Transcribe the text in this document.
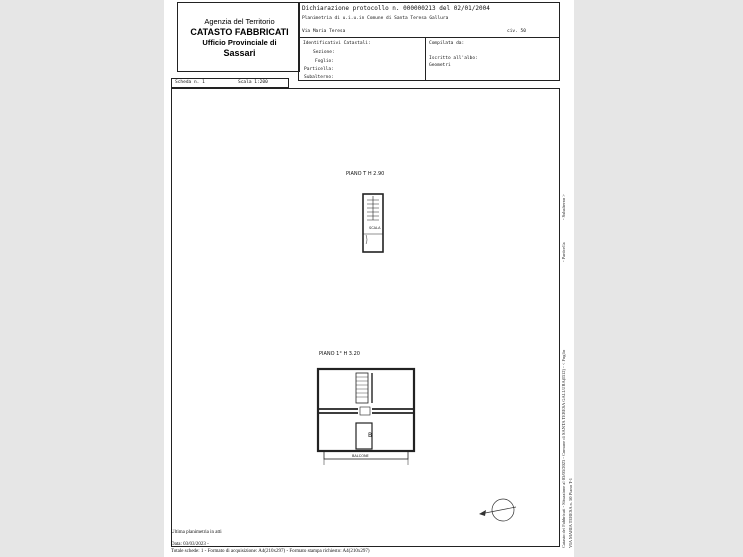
Agenzia del Territorio
CATASTO FABBRICATI
Ufficio Provinciale di
Sassari
Dichiarazione protocollo n. 000000213 del 02/01/2004
Planimetria di u.i.u.in Comune di Santa Teresa Gallura
Via Maria Teresa	civ. 50
Identificativi Catastali:
Sezione:
Foglio:
Particella:
Subalterno:
Compilata da:
Iscritto all'albo:
Geometri
Scheda n. 1	Scala 1:200
PIANO T H 2.90
SCALA
PIANO 1° H 3.20
B
BALCONE	Catasto dei Fabbricati - Situazione al 03/03/2023 - Comune di SANTA TERESA GALLURA(I312) - < Foglio VIA MARIA TERESA n. 50 Piano T-1
- Particella
- Subalterno >
Ultima planimetria in atti
Data: 03/03/2023 -
Totale schede: 1 - Formato di acquisizione: A4(210x297) - Formato stampa richiesto: A4(210x297)
